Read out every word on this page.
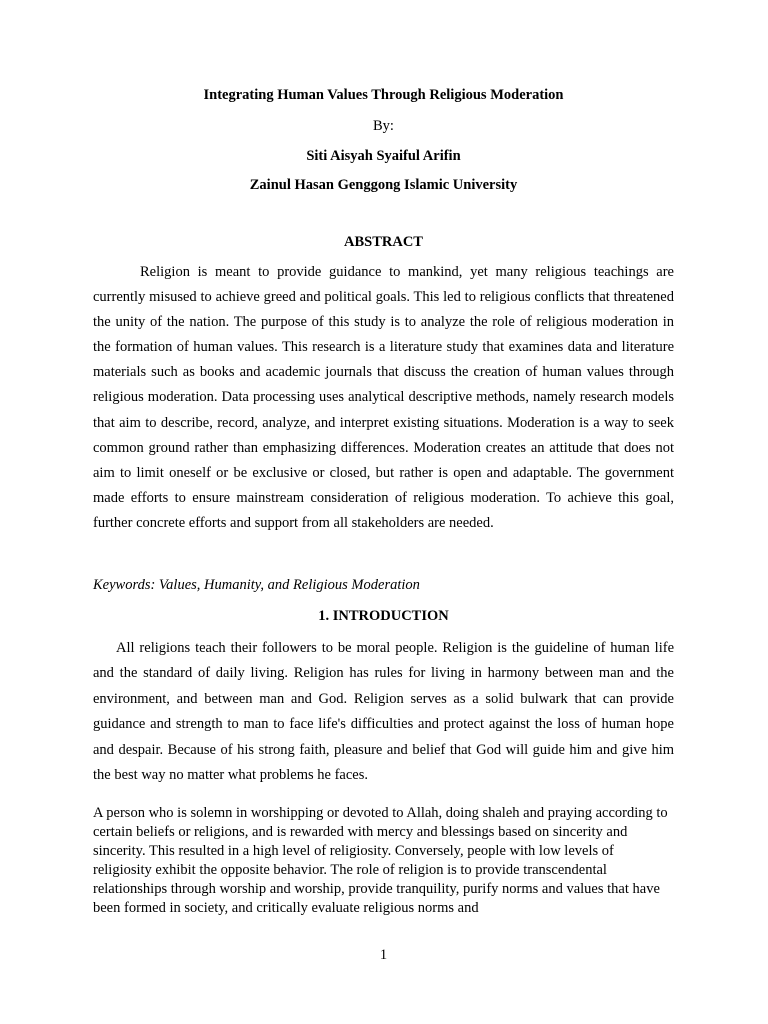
Integrating Human Values Through Religious Moderation
By:
Siti Aisyah Syaiful Arifin
Zainul Hasan Genggong Islamic University
ABSTRACT

Religion is meant to provide guidance to mankind, yet many religious teachings are currently misused to achieve greed and political goals. This led to religious conflicts that threatened the unity of the nation. The purpose of this study is to analyze the role of religious moderation in the formation of human values. This research is a literature study that examines data and literature materials such as books and academic journals that discuss the creation of human values through religious moderation. Data processing uses analytical descriptive methods, namely research models that aim to describe, record, analyze, and interpret existing situations. Moderation is a way to seek common ground rather than emphasizing differences. Moderation creates an attitude that does not aim to limit oneself or be exclusive or closed, but rather is open and adaptable. The government made efforts to ensure mainstream consideration of religious moderation. To achieve this goal, further concrete efforts and support from all stakeholders are needed.

Keywords: Values, Humanity, and Religious Moderation

1. INTRODUCTION

All religions teach their followers to be moral people. Religion is the guideline of human life and the standard of daily living. Religion has rules for living in harmony between man and the environment, and between man and God. Religion serves as a solid bulwark that can provide guidance and strength to man to face life's difficulties and protect against the loss of human hope and despair. Because of his strong faith, pleasure and belief that God will guide him and give him the best way no matter what problems he faces.

A person who is solemn in worshipping or devoted to Allah, doing shaleh and praying according to certain beliefs or religions, and is rewarded with mercy and blessings based on sincerity and sincerity. This resulted in a high level of religiosity. Conversely, people with low levels of religiosity exhibit the opposite behavior. The role of religion is to provide transcendental relationships through worship and worship, provide tranquility, purify norms and values that have been formed in society, and critically evaluate religious norms and

1
